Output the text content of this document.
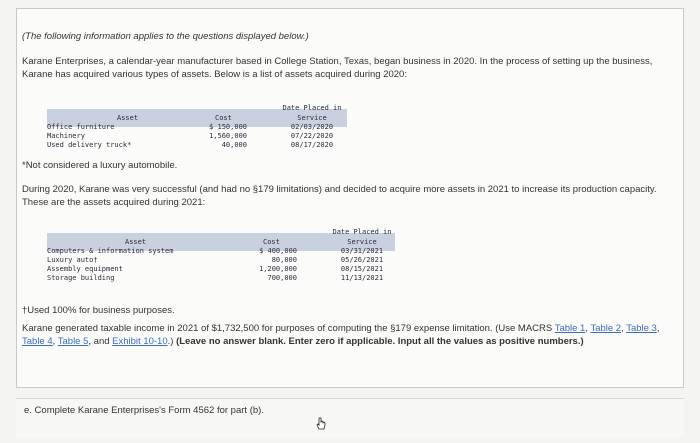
(The following information applies to the questions displayed below.)
Karane Enterprises, a calendar-year manufacturer based in College Station, Texas, began business in 2020. In the process of setting up the business, Karane has acquired various types of assets. Below is a list of assets acquired during 2020:
Date Placed in
Asset	Cost	Service
Office furniture	$ 150,000	02/03/2020
Machinery	1,560,000	07/22/2020
Used delivery truck*	40,000	08/17/2020
*Not considered a luxury automobile.
During 2020, Karane was very successful (and had no §179 limitations) and decided to acquire more assets in 2021 to increase its production capacity. These are the assets acquired during 2021:
Date Placed in
Asset	Cost	Service
Computers & information system	$ 400,000	03/31/2021
Luxury auto†	80,000	05/26/2021
Assembly equipment	1,200,000	08/15/2021
Storage building	700,000	11/13/2021
†Used 100% for business purposes.
Karane generated taxable income in 2021 of $1,732,500 for purposes of computing the §179 expense limitation. (Use MACRS Table 1, Table 2, Table 3, Table 4, Table 5, and Exhibit 10-10.) (Leave no answer blank. Enter zero if applicable. Input all the values as positive numbers.)
e. Complete Karane Enterprises's Form 4562 for part (b).
